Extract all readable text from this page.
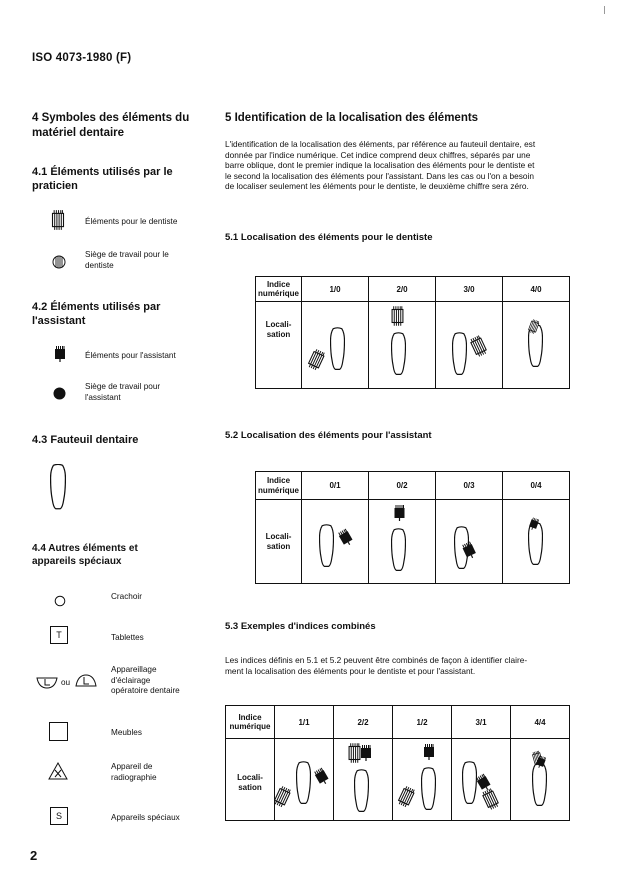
ISO 4073-1980 (F)
4 Symboles des éléments du
matériel dentaire
4.1 Éléments utilisés par le
praticien
Éléments pour le dentiste
Siège de travail pour le
dentiste
4.2 Éléments utilisés par
l'assistant
Éléments pour l'assistant
Siège de travail pour
l'assistant
4.3 Fauteuil dentaire
4.4 Autres éléments et
appareils spéciaux
Crachoir
T	Tablettes
ou
Appareillage
d'éclairage
opératoire dentaire
Meubles
Appareil de
radiographie
S	Appareils spéciaux
2
5 Identification de la localisation des éléments
L'identification de la localisation des éléments, par référence au fauteuil dentaire, est
donnée par l'indice numérique. Cet indice comprend deux chiffres, séparés par une
barre oblique, dont le premier indique la localisation des éléments pour le dentiste et
le second la localisation des éléments pour l'assistant. Dans les cas ou l'on a besoin
de localiser seulement les éléments pour le dentiste, le deuxième chiffre sera zéro.
5.1 Localisation des éléments pour le dentiste
Indice
numérique	1/0	2/0	3/0	4/0

Locali-
sation

5.2 Localisation des éléments pour l'assistant
Indice
numérique	0/1	0/2	0/3	0/4

Locali-
sation

5.3 Exemples d'indices combinés
Les indices définis en 5.1 et 5.2 peuvent être combinés de façon à identifier claire-
ment la localisation des éléments pour le dentiste et pour l'assistant.
Indice
numérique	1/1	2/2	1/2	3/1	4/4

Locali-
sation
